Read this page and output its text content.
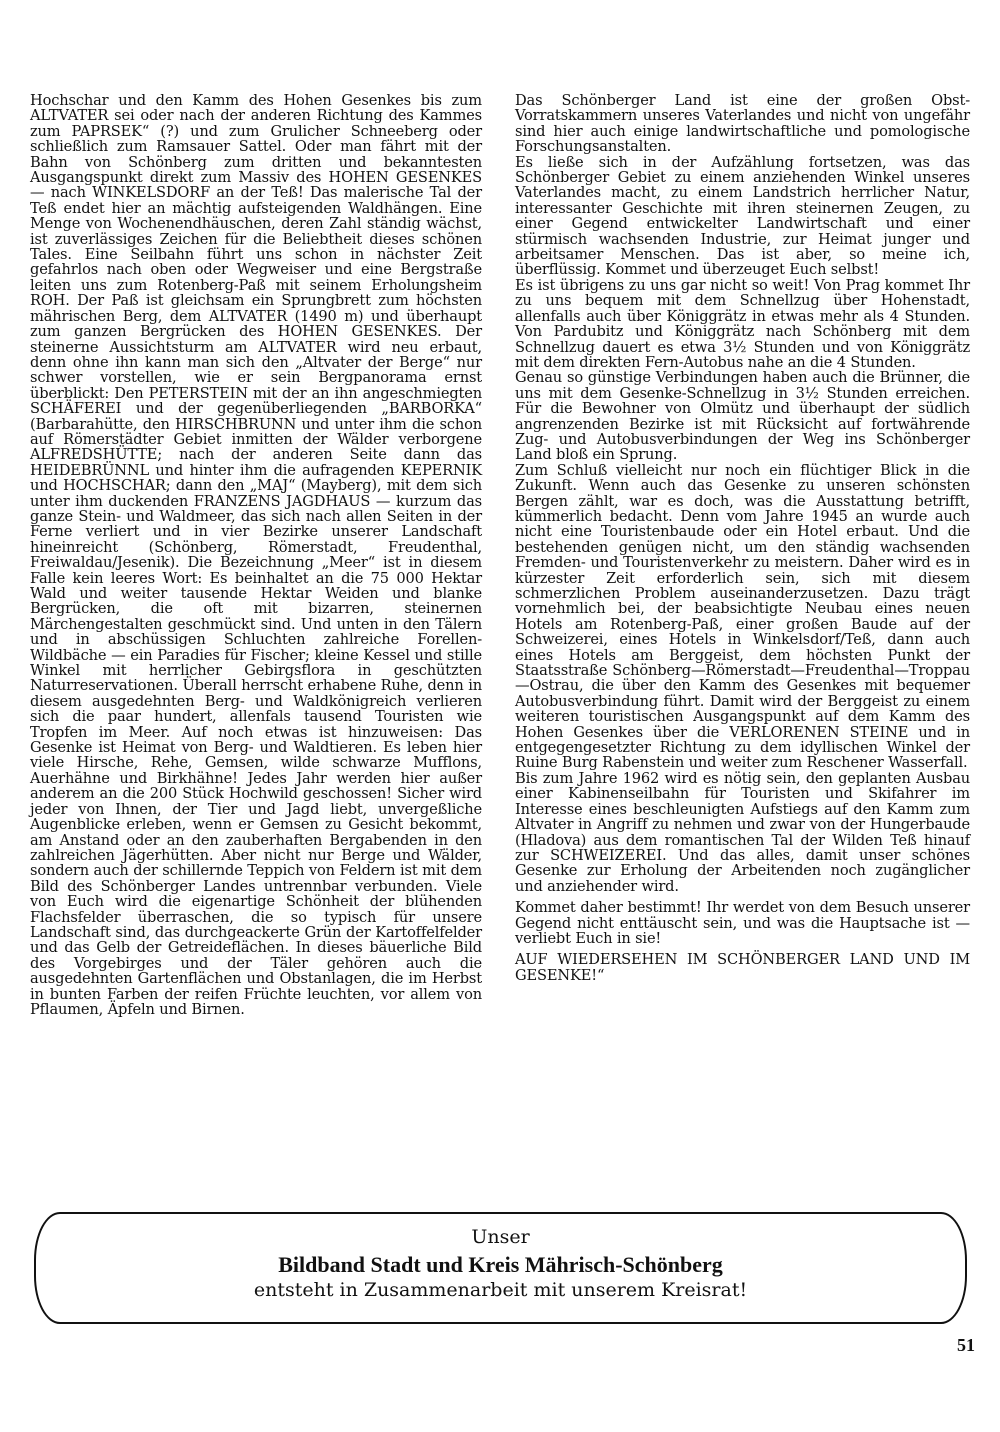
Hochschar und den Kamm des Hohen Gesenkes bis zum ALTVATER sei oder nach der anderen Richtung des Kammes zum PAPRSEK“ (?) und zum Grulicher Schneeberg oder schließlich zum Ramsauer Sattel. Oder man fährt mit der Bahn von Schönberg zum dritten und bekanntesten Ausgangspunkt direkt zum Massiv des HOHEN GESENKES — nach WINKELSDORF an der Teß! Das malerische Tal der Teß endet hier an mächtig aufsteigenden Waldhängen. Eine Menge von Wochenendhäuschen, deren Zahl ständig wächst, ist zuverlässiges Zeichen für die Beliebtheit dieses schönen Tales. Eine Seilbahn führt uns schon in nächster Zeit gefahrlos nach oben oder Wegweiser und eine Bergstraße leiten uns zum Rotenberg-Paß mit seinem Erholungsheim ROH. Der Paß ist gleichsam ein Sprungbrett zum höchsten mährischen Berg, dem ALTVATER (1490 m) und überhaupt zum ganzen Bergrücken des HOHEN GESENKES. Der steinerne Aussichtsturm am ALTVATER wird neu erbaut, denn ohne ihn kann man sich den „Altvater der Berge“ nur schwer vorstellen, wie er sein Bergpanorama ernst überblickt: Den PETERSTEIN mit der an ihn angeschmiegten SCHÄFEREI und der gegenüberliegenden „BARBORKA“ (Barbarahütte, den HIRSCHBRUNN und unter ihm die schon auf Römerstädter Gebiet inmitten der Wälder verborgene ALFREDSHÜTTE; nach der anderen Seite dann das HEIDEBRÜNNL und hinter ihm die aufragenden KEPERNIK und HOCHSCHAR; dann den „MAJ“ (Mayberg), mit dem sich unter ihm duckenden FRANZENS JAGDHAUS — kurzum das ganze Stein- und Waldmeer, das sich nach allen Seiten in der Ferne verliert und in vier Bezirke unserer Landschaft hineinreicht (Schönberg, Römerstadt, Freudenthal, Freiwaldau/Jesenik). Die Bezeichnung „Meer“ ist in diesem Falle kein leeres Wort: Es beinhaltet an die 75 000 Hektar Wald und weiter tausende Hektar Weiden und blanke Bergrücken, die oft mit bizarren, steinernen Märchengestalten geschmückt sind. Und unten in den Tälern und in abschüssigen Schluchten zahlreiche Forellen-Wildbäche — ein Paradies für Fischer; kleine Kessel und stille Winkel mit herrlicher Gebirgsflora in geschützten Naturreservationen. Überall herrscht erhabene Ruhe, denn in diesem ausgedehnten Berg- und Waldkönigreich verlieren sich die paar hundert, allenfals tausend Touristen wie Tropfen im Meer. Auf noch etwas ist hinzuweisen: Das Gesenke ist Heimat von Berg- und Waldtieren. Es leben hier viele Hirsche, Rehe, Gemsen, wilde schwarze Mufflons, Auerhähne und Birkhähne! Jedes Jahr werden hier außer anderem an die 200 Stück Hochwild geschossen! Sicher wird jeder von Ihnen, der Tier und Jagd liebt, unvergeßliche Augenblicke erleben, wenn er Gemsen zu Gesicht bekommt, am Anstand oder an den zauberhaften Bergabenden in den zahlreichen Jägerhütten. Aber nicht nur Berge und Wälder, sondern auch der schillernde Teppich von Feldern ist mit dem Bild des Schönberger Landes untrennbar verbunden. Viele von Euch wird die eigenartige Schönheit der blühenden Flachsfelder überraschen, die so typisch für unsere Landschaft sind, das durchgeackerte Grün der Kartoffelfelder und das Gelb der Getreideflächen. In dieses bäuerliche Bild des Vorgebirges und der Täler gehören auch die ausgedehnten Gartenflächen und Obstanlagen, die im Herbst in bunten Farben der reifen Früchte leuchten, vor allem von Pflaumen, Äpfeln und Birnen.

Das Schönberger Land ist eine der großen Obst-Vorratskammern unseres Vaterlandes und nicht von ungefähr sind hier auch einige landwirtschaftliche und pomologische Forschungsanstalten.

Es ließe sich in der Aufzählung fortsetzen, was das Schönberger Gebiet zu einem anziehenden Winkel unseres Vaterlandes macht, zu einem Landstrich herrlicher Natur, interessanter Geschichte mit ihren steinernen Zeugen, zu einer Gegend entwickelter Landwirtschaft und einer stürmisch wachsenden Industrie, zur Heimat junger und arbeitsamer Menschen. Das ist aber, so meine ich, überflüssig. Kommet und überzeuget Euch selbst!

Es ist übrigens zu uns gar nicht so weit! Von Prag kommet Ihr zu uns bequem mit dem Schnellzug über Hohenstadt, allenfalls auch über Königgrätz in etwas mehr als 4 Stunden. Von Pardubitz und Königgrätz nach Schönberg mit dem Schnellzug dauert es etwa 3½ Stunden und von Königgrätz mit dem direkten Fern-Autobus nahe an die 4 Stunden.

Genau so günstige Verbindungen haben auch die Brünner, die uns mit dem Gesenke-Schnellzug in 3½ Stunden erreichen. Für die Bewohner von Olmütz und überhaupt der südlich angrenzenden Bezirke ist mit Rücksicht auf fortwährende Zug- und Autobusverbindungen der Weg ins Schönberger Land bloß ein Sprung.

Zum Schluß vielleicht nur noch ein flüchtiger Blick in die Zukunft. Wenn auch das Gesenke zu unseren schönsten Bergen zählt, war es doch, was die Ausstattung betrifft, kümmerlich bedacht. Denn vom Jahre 1945 an wurde auch nicht eine Touristenbaude oder ein Hotel erbaut. Und die bestehenden genügen nicht, um den ständig wachsenden Fremden- und Touristenverkehr zu meistern. Daher wird es in kürzester Zeit erforderlich sein, sich mit diesem schmerzlichen Problem auseinanderzusetzen. Dazu trägt vornehmlich bei, der beabsichtigte Neubau eines neuen Hotels am Rotenberg-Paß, einer großen Baude auf der Schweizerei, eines Hotels in Winkelsdorf/Teß, dann auch eines Hotels am Berggeist, dem höchsten Punkt der Staatsstraße Schönberg—Römerstadt—Freudenthal—Troppau—Ostrau, die über den Kamm des Gesenkes mit bequemer Autobusverbindung führt. Damit wird der Berggeist zu einem weiteren touristischen Ausgangspunkt auf dem Kamm des Hohen Gesenkes über die VERLORENEN STEINE und in entgegengesetzter Richtung zu dem idyllischen Winkel der Ruine Burg Rabenstein und weiter zum Reschener Wasserfall.

Bis zum Jahre 1962 wird es nötig sein, den geplanten Ausbau einer Kabinenseilbahn für Touristen und Skifahrer im Interesse eines beschleunigten Aufstiegs auf den Kamm zum Altvater in Angriff zu nehmen und zwar von der Hungerbaude (Hladova) aus dem romantischen Tal der Wilden Teß hinauf zur SCHWEIZEREI. Und das alles, damit unser schönes Gesenke zur Erholung der Arbeitenden noch zugänglicher und anziehender wird.

Kommet daher bestimmt! Ihr werdet von dem Besuch unserer Gegend nicht enttäuscht sein, und was die Hauptsache ist — verliebt Euch in sie!

AUF WIEDERSEHEN IM SCHÖNBERGER LAND UND IM GESENKE!“

Unser
Bildband Stadt und Kreis Mährisch-Schönberg
entsteht in Zusammenarbeit mit unserem Kreisrat!
51
